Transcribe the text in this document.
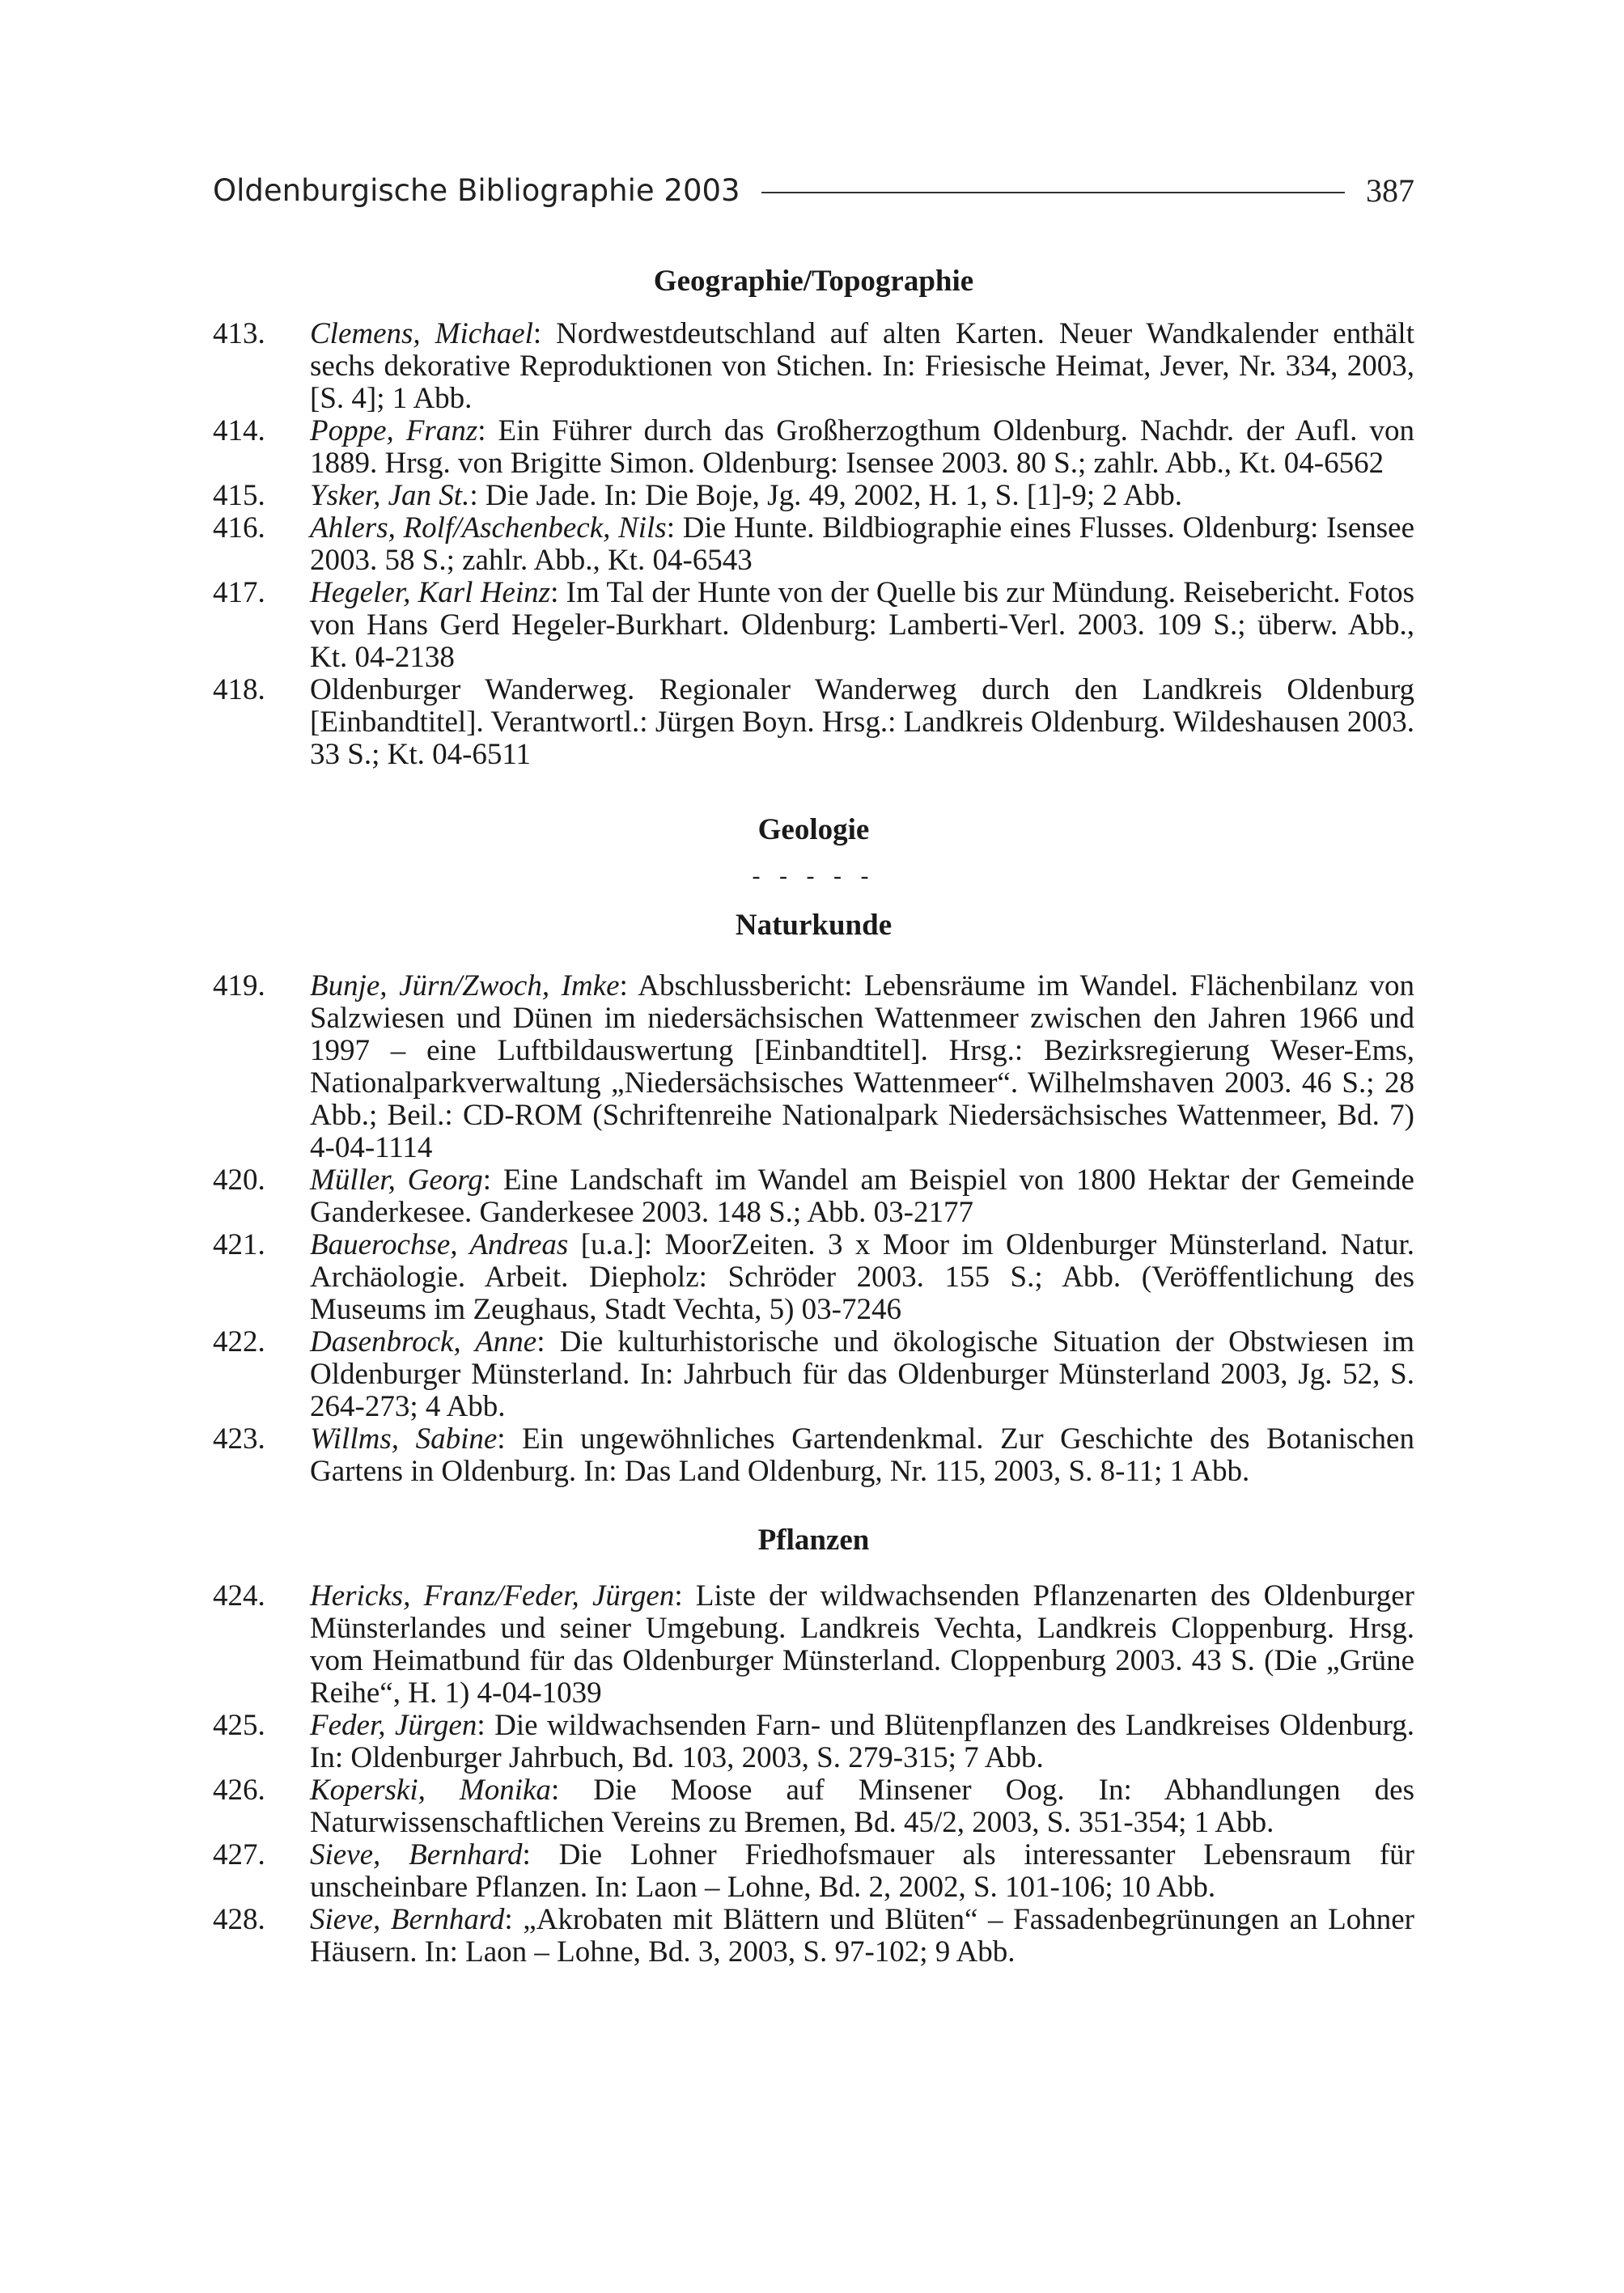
Oldenburgische Bibliographie 2003	387
Geographie/Topographie
413.	Clemens, Michael: Nordwestdeutschland auf alten Karten. Neuer Wandkalender enthält sechs dekorative Reproduktionen von Stichen. In: Friesische Heimat, Jever, Nr. 334, 2003, [S. 4]; 1 Abb.
414.	Poppe, Franz: Ein Führer durch das Großherzogthum Oldenburg. Nachdr. der Aufl. von 1889. Hrsg. von Brigitte Simon. Oldenburg: Isensee 2003. 80 S.; zahlr. Abb., Kt. 04-6562
415.	Ysker, Jan St.: Die Jade. In: Die Boje, Jg. 49, 2002, H. 1, S. [1]-9; 2 Abb.
416.	Ahlers, Rolf/Aschenbeck, Nils: Die Hunte. Bildbiographie eines Flusses. Oldenburg: Isensee 2003. 58 S.; zahlr. Abb., Kt. 04-6543
417.	Hegeler, Karl Heinz: Im Tal der Hunte von der Quelle bis zur Mündung. Reisebericht. Fotos von Hans Gerd Hegeler-Burkhart. Oldenburg: Lamberti-Verl. 2003. 109 S.; überw. Abb., Kt. 04-2138
418.	Oldenburger Wanderweg. Regionaler Wanderweg durch den Landkreis Oldenburg [Einbandtitel]. Verantwortl.: Jürgen Boyn. Hrsg.: Landkreis Oldenburg. Wildeshausen 2003. 33 S.; Kt. 04-6511
Geologie
- - - - -
Naturkunde
419.	Bunje, Jürn/Zwoch, Imke: Abschlussbericht: Lebensräume im Wandel. Flächenbilanz von Salzwiesen und Dünen im niedersächsischen Wattenmeer zwischen den Jahren 1966 und 1997 – eine Luftbildauswertung [Einbandtitel]. Hrsg.: Bezirksregierung Weser-Ems, Nationalparkverwaltung „Niedersächsisches Wattenmeer“. Wilhelmshaven 2003. 46 S.; 28 Abb.; Beil.: CD-ROM (Schriftenreihe Nationalpark Niedersächsisches Wattenmeer, Bd. 7) 4-04-1114
420.	Müller, Georg: Eine Landschaft im Wandel am Beispiel von 1800 Hektar der Gemeinde Ganderkesee. Ganderkesee 2003. 148 S.; Abb. 03-2177
421.	Bauerochse, Andreas [u.a.]: MoorZeiten. 3 x Moor im Oldenburger Münsterland. Natur. Archäologie. Arbeit. Diepholz: Schröder 2003. 155 S.; Abb. (Veröffentlichung des Museums im Zeughaus, Stadt Vechta, 5) 03-7246
422.	Dasenbrock, Anne: Die kulturhistorische und ökologische Situation der Obstwiesen im Oldenburger Münsterland. In: Jahrbuch für das Oldenburger Münsterland 2003, Jg. 52, S. 264-273; 4 Abb.
423.	Willms, Sabine: Ein ungewöhnliches Gartendenkmal. Zur Geschichte des Botanischen Gartens in Oldenburg. In: Das Land Oldenburg, Nr. 115, 2003, S. 8-11; 1 Abb.
Pflanzen
424.	Hericks, Franz/Feder, Jürgen: Liste der wildwachsenden Pflanzenarten des Oldenburger Münsterlandes und seiner Umgebung. Landkreis Vechta, Landkreis Cloppenburg. Hrsg. vom Heimatbund für das Oldenburger Münsterland. Cloppenburg 2003. 43 S. (Die „Grüne Reihe“, H. 1) 4-04-1039
425.	Feder, Jürgen: Die wildwachsenden Farn- und Blütenpflanzen des Landkreises Oldenburg. In: Oldenburger Jahrbuch, Bd. 103, 2003, S. 279-315; 7 Abb.
426.	Koperski, Monika: Die Moose auf Minsener Oog. In: Abhandlungen des Naturwissenschaftlichen Vereins zu Bremen, Bd. 45/2, 2003, S. 351-354; 1 Abb.
427.	Sieve, Bernhard: Die Lohner Friedhofsmauer als interessanter Lebensraum für unscheinbare Pflanzen. In: Laon – Lohne, Bd. 2, 2002, S. 101-106; 10 Abb.
428.	Sieve, Bernhard: „Akrobaten mit Blättern und Blüten“ – Fassadenbegrünungen an Lohner Häusern. In: Laon – Lohne, Bd. 3, 2003, S. 97-102; 9 Abb.
